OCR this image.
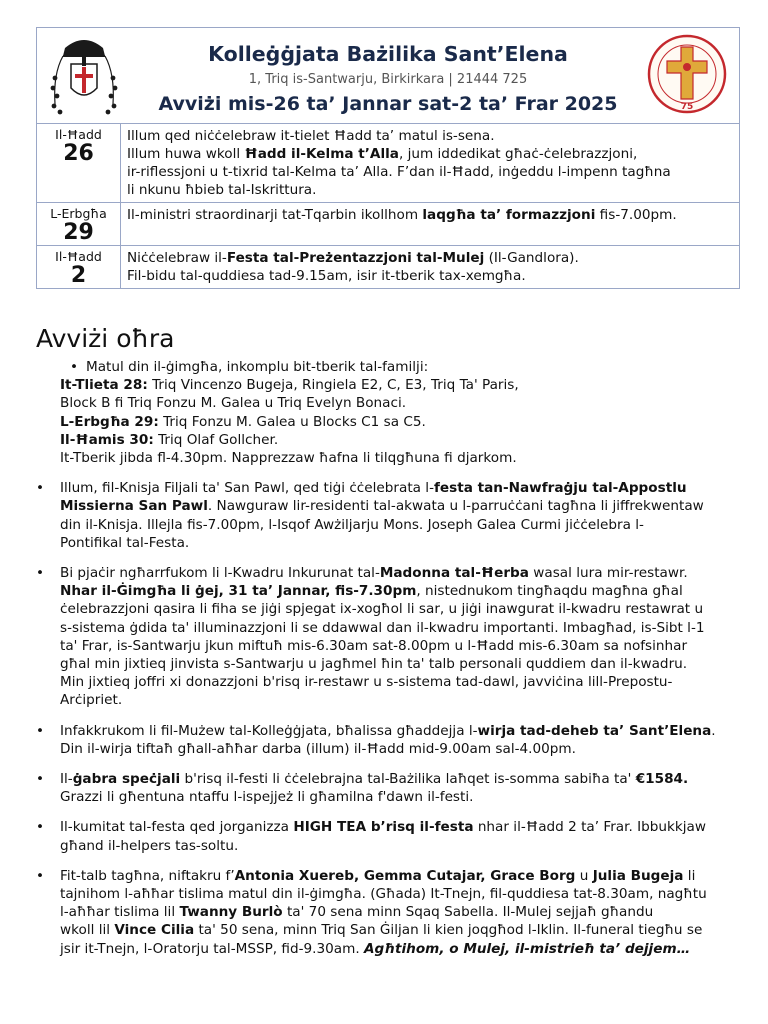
Kolleġġjata Bażilika Sant’Elena
1, Triq is-Santwarju, Birkirkara | 21444 725
Avviżi mis-26 ta’ Jannar sat-2 ta’ Frar 2025	75
Il-Ħadd
26
Illum qed niċċelebraw it-tielet Ħadd ta’ matul is-sena.
Illum huwa wkoll Ħadd il-Kelma t’Alla, jum iddedikat għaċ-ċelebrazzjoni,
ir-riflessjoni u t-tixrid tal-Kelma ta’ Alla. F’dan il-Ħadd, inġeddu l-impenn tagħna
li nkunu ħbieb tal-Iskrittura.
L-Erbgħa
29
Il-ministri straordinarji tat-Tqarbin ikollhom laqgħa ta’ formazzjoni fis-7.00pm.
Il-Ħadd
2
Niċċelebraw il-Festa tal-Preżentazzjoni tal-Mulej (Il-Gandlora).
Fil-bidu tal-quddiesa tad-9.15am, isir it-tberik tax-xemgħa.
Avviżi oħra
• Matul din il-ġimgħa, inkomplu bit-tberik tal-familji:
It-Tlieta 28: Triq Vincenzo Bugeja, Ringiela E2, C, E3, Triq Ta' Paris,
Block B fi Triq Fonzu M. Galea u Triq Evelyn Bonaci.
L-Erbgħa 29: Triq Fonzu M. Galea u Blocks C1 sa C5.
Il-Ħamis 30: Triq Olaf Gollcher.
It-Tberik jibda fl-4.30pm. Napprezzaw ħafna li tilqgħuna fi djarkom.
• Illum, fil-Knisja Filjali ta' San Pawl, qed tiġi ċċelebrata l-festa tan-Nawfraġju tal-Appostlu
Missierna San Pawl. Nawguraw lir-residenti tal-akwata u l-parruċċani tagħna li jiffrekwentaw
din il-Knisja. Illejla fis-7.00pm, l-Isqof Awżiljarju Mons. Joseph Galea Curmi jiċċelebra l-
Pontifikal tal-Festa.
• Bi pjaċir ngħarrfukom li l-Kwadru Inkurunat tal-Madonna tal-Ħerba wasal lura mir-restawr.
Nhar il-Ġimgħa li ġej, 31 ta’ Jannar, fis-7.30pm, nistednukom tingħaqdu magħna għal
ċelebrazzjoni qasira li fiha se jiġi spjegat ix-xogħol li sar, u jiġi inawgurat il-kwadru restawrat u
s-sistema ġdida ta' illuminazzjoni li se ddawwal dan il-kwadru importanti. Imbagħad, is-Sibt l-1
ta' Frar, is-Santwarju jkun miftuħ mis-6.30am sat-8.00pm u l-Ħadd mis-6.30am sa nofsinhar
għal min jixtieq jinvista s-Santwarju u jagħmel ħin ta' talb personali quddiem dan il-kwadru.
Min jixtieq joffri xi donazzjoni b'risq ir-restawr u s-sistema tad-dawl, javviċina lill-Prepostu-
Arċipriet.
• Infakkrukom li fil-Mużew tal-Kolleġġjata, bħalissa għaddejja l-wirja tad-deheb ta’ Sant’Elena.
Din il-wirja tiftaħ għall-aħħar darba (illum) il-Ħadd mid-9.00am sal-4.00pm.
• Il-ġabra speċjali b'risq il-festi li ċċelebrajna tal-Bażilika laħqet is-somma sabiħa ta' €1584.
Grazzi li għentuna ntaffu l-ispejjeż li għamilna f'dawn il-festi.
• Il-kumitat tal-festa qed jorganizza HIGH TEA b’risq il-festa nhar il-Ħadd 2 ta’ Frar. Ibbukkjaw
għand il-helpers tas-soltu.
• Fit-talb tagħna, niftakru f’Antonia Xuereb, Gemma Cutajar, Grace Borg u Julia Bugeja li
tajnihom l-aħħar tislima matul din il-ġimgħa. (Għada) It-Tnejn, fil-quddiesa tat-8.30am, nagħtu
l-aħħar tislima lil Twanny Burlò ta' 70 sena minn Sqaq Sabella. Il-Mulej sejjaħ għandu
wkoll lil Vince Cilia ta' 50 sena, minn Triq San Ġiljan li kien joqgħod l-Iklin. Il-funeral tiegħu se
jsir it-Tnejn, l-Oratorju tal-MSSP, fid-9.30am. Agħtihom, o Mulej, il-mistrieħ ta’ dejjem…
